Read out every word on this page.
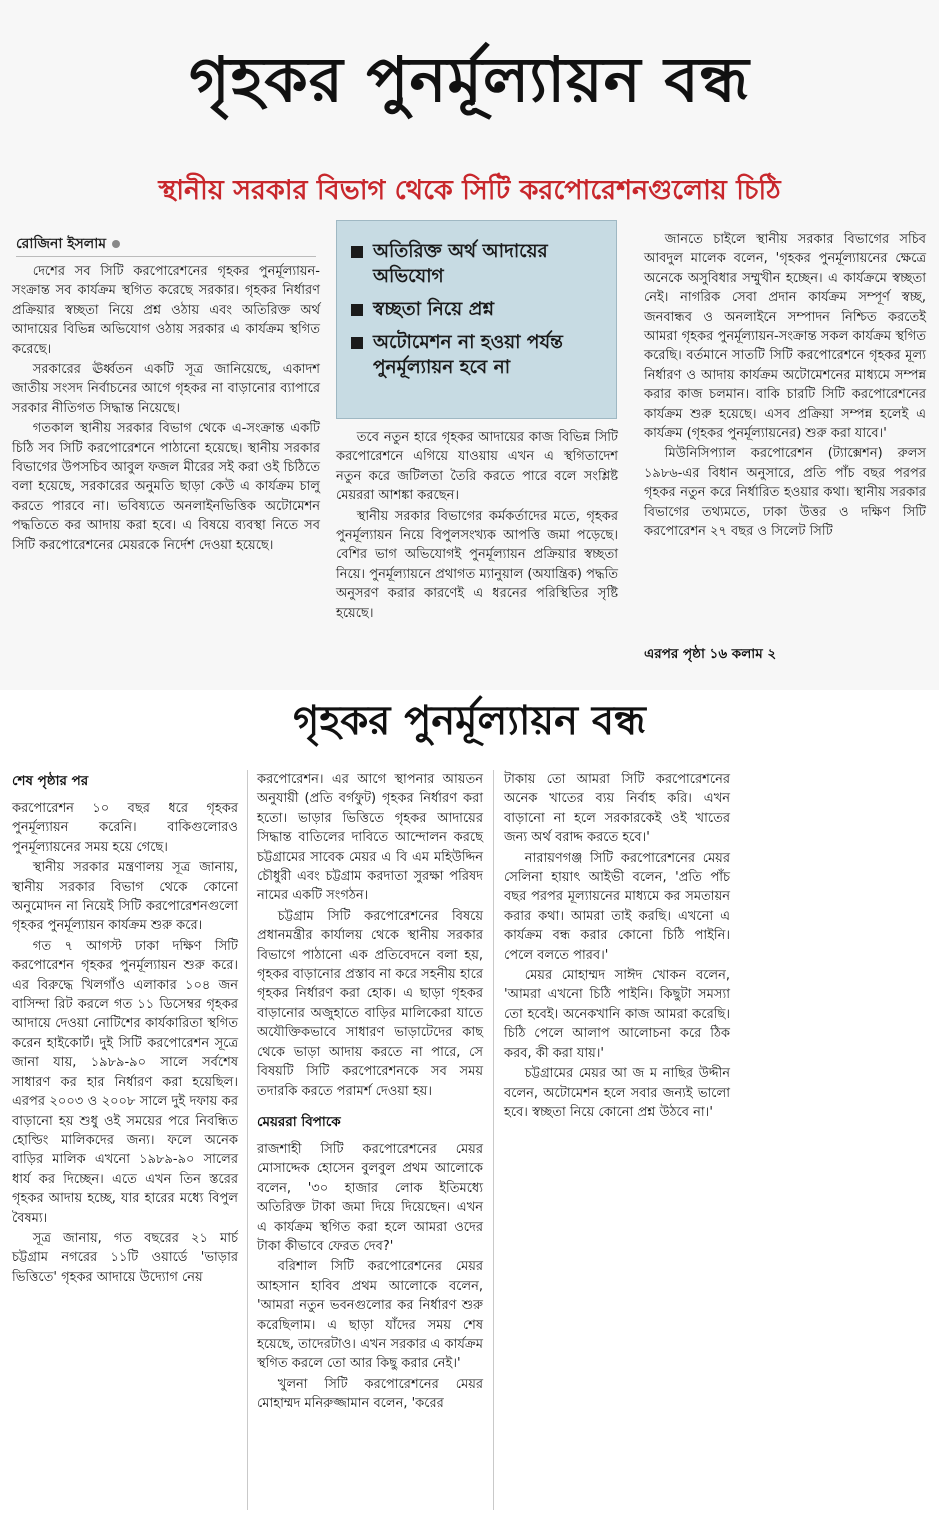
গৃহকর পুনর্মূল্যায়ন বন্ধ
স্থানীয় সরকার বিভাগ থেকে সিটি করপোরেশনগুলোয় চিঠি
রোজিনা ইসলাম

দেশের সব সিটি করপোরেশনের গৃহকর পুনর্মূল্যায়ন-সংক্রান্ত সব কার্যক্রম স্থগিত করেছে সরকার। গৃহকর নির্ধারণ প্রক্রিয়ার স্বচ্ছতা নিয়ে প্রশ্ন ওঠায় এবং অতিরিক্ত অর্থ আদায়ের বিভিন্ন অভিযোগ ওঠায় সরকার এ কার্যক্রম স্থগিত করেছে।

সরকারের ঊর্ধ্বতন একটি সূত্র জানিয়েছে, একাদশ জাতীয় সংসদ নির্বাচনের আগে গৃহকর না বাড়ানোর ব্যাপারে সরকার নীতিগত সিদ্ধান্ত নিয়েছে।

গতকাল স্থানীয় সরকার বিভাগ থেকে এ-সংক্রান্ত একটি চিঠি সব সিটি করপোরেশনে পাঠানো হয়েছে। স্থানীয় সরকার বিভাগের উপসচিব আবুল ফজল মীরের সই করা ওই চিঠিতে বলা হয়েছে, সরকারের অনুমতি ছাড়া কেউ এ কার্যক্রম চালু করতে পারবে না। ভবিষ্যতে অনলাইনভিত্তিক অটোমেশন পদ্ধতিতে কর আদায় করা হবে। এ বিষয়ে ব্যবস্থা নিতে সব সিটি করপোরেশনের মেয়রকে নির্দেশ দেওয়া হয়েছে।

অতিরিক্ত অর্থ আদায়ের অভিযোগ
স্বচ্ছতা নিয়ে প্রশ্ন
অটোমেশন না হওয়া পর্যন্ত পুনর্মূল্যায়ন হবে না

তবে নতুন হারে গৃহকর আদায়ের কাজ বিভিন্ন সিটি করপোরেশনে এগিয়ে যাওয়ায় এখন এ স্থগিতাদেশ নতুন করে জটিলতা তৈরি করতে পারে বলে সংশ্লিষ্ট মেয়ররা আশঙ্কা করছেন।

স্থানীয় সরকার বিভাগের কর্মকর্তাদের মতে, গৃহকর পুনর্মূল্যায়ন নিয়ে বিপুলসংখ্যক আপত্তি জমা পড়েছে। বেশির ভাগ অভিযোগই পুনর্মূল্যায়ন প্রক্রিয়ার স্বচ্ছতা নিয়ে। পুনর্মূল্যায়নে প্রথাগত ম্যানুয়াল (অযান্ত্রিক) পদ্ধতি অনুসরণ করার কারণেই এ ধরনের পরিস্থিতির সৃষ্টি হয়েছে।

জানতে চাইলে স্থানীয় সরকার বিভাগের সচিব আবদুল মালেক বলেন, 'গৃহকর পুনর্মূল্যায়নের ক্ষেত্রে অনেকে অসুবিধার সম্মুখীন হচ্ছেন। এ কার্যক্রমে স্বচ্ছতা নেই। নাগরিক সেবা প্রদান কার্যক্রম সম্পূর্ণ স্বচ্ছ, জনবান্ধব ও অনলাইনে সম্পাদন নিশ্চিত করতেই আমরা গৃহকর পুনর্মূল্যায়ন-সংক্রান্ত সকল কার্যক্রম স্থগিত করেছি। বর্তমানে সাতটি সিটি করপোরেশনে গৃহকর মূল্য নির্ধারণ ও আদায় কার্যক্রম অটোমেশনের মাধ্যমে সম্পন্ন করার কাজ চলমান। বাকি চারটি সিটি করপোরেশনের কার্যক্রম শুরু হয়েছে। এসব প্রক্রিয়া সম্পন্ন হলেই এ কার্যক্রম (গৃহকর পুনর্মূল্যায়নের) শুরু করা যাবে।'

মিউনিসিপ্যাল করপোরেশন (ট্যাক্সেশন) রুলস ১৯৮৬-এর বিধান অনুসারে, প্রতি পাঁচ বছর পরপর গৃহকর নতুন করে নির্ধারিত হওয়ার কথা। স্থানীয় সরকার বিভাগের তথ্যমতে, ঢাকা উত্তর ও দক্ষিণ সিটি করপোরেশন ২৭ বছর ও সিলেট সিটি

এরপর পৃষ্ঠা ১৬ কলাম ২
গৃহকর পুনর্মূল্যায়ন বন্ধ
শেষ পৃষ্ঠার পর

করপোরেশন ১০ বছর ধরে গৃহকর পুনর্মূল্যায়ন করেনি। বাকিগুলোরও পুনর্মূল্যায়নের সময় হয়ে গেছে।

স্থানীয় সরকার মন্ত্রণালয় সূত্র জানায়, স্থানীয় সরকার বিভাগ থেকে কোনো অনুমোদন না নিয়েই সিটি করপোরেশনগুলো গৃহকর পুনর্মূল্যায়ন কার্যক্রম শুরু করে।

গত ৭ আগস্ট ঢাকা দক্ষিণ সিটি করপোরেশন গৃহকর পুনর্মূল্যায়ন শুরু করে। এর বিরুদ্ধে খিলগাঁও এলাকার ১০৪ জন বাসিন্দা রিট করলে গত ১১ ডিসেম্বর গৃহকর আদায়ে দেওয়া নোটিশের কার্যকারিতা স্থগিত করেন হাইকোর্ট। দুই সিটি করপোরেশন সূত্রে জানা যায়, ১৯৮৯-৯০ সালে সর্বশেষ সাধারণ কর হার নির্ধারণ করা হয়েছিল। এরপর ২০০৩ ও ২০০৮ সালে দুই দফায় কর বাড়ানো হয় শুধু ওই সময়ের পরে নিবন্ধিত হোল্ডিং মালিকদের জন্য। ফলে অনেক বাড়ির মালিক এখনো ১৯৮৯-৯০ সালের ধার্য কর দিচ্ছেন। এতে এখন তিন স্তরের গৃহকর আদায় হচ্ছে, যার হারের মধ্যে বিপুল বৈষম্য।

সূত্র জানায়, গত বছরের ২১ মার্চ চট্টগ্রাম নগরের ১১টি ওয়ার্ডে 'ভাড়ার ভিত্তিতে' গৃহকর আদায়ে উদ্যোগ নেয়

করপোরেশন। এর আগে স্থাপনার আয়তন অনুযায়ী (প্রতি বর্গফুট) গৃহকর নির্ধারণ করা হতো। ভাড়ার ভিত্তিতে গৃহকর আদায়ের সিদ্ধান্ত বাতিলের দাবিতে আন্দোলন করছে চট্টগ্রামের সাবেক মেয়র এ বি এম মহিউদ্দিন চৌধুরী এবং চট্টগ্রাম করদাতা সুরক্ষা পরিষদ নামের একটি সংগঠন।

চট্টগ্রাম সিটি করপোরেশনের বিষয়ে প্রধানমন্ত্রীর কার্যালয় থেকে স্থানীয় সরকার বিভাগে পাঠানো এক প্রতিবেদনে বলা হয়, গৃহকর বাড়ানোর প্রস্তাব না করে সহনীয় হারে গৃহকর নির্ধারণ করা হোক। এ ছাড়া গৃহকর বাড়ানোর অজুহাতে বাড়ির মালিকেরা যাতে অযৌক্তিকভাবে সাধারণ ভাড়াটেদের কাছ থেকে ভাড়া আদায় করতে না পারে, সে বিষয়টি সিটি করপোরেশনকে সব সময় তদারকি করতে পরামর্শ দেওয়া হয়।

মেয়ররা বিপাকে

রাজশাহী সিটি করপোরেশনের মেয়র মোসাদ্দেক হোসেন বুলবুল প্রথম আলোকে বলেন, '৩০ হাজার লোক ইতিমধ্যে অতিরিক্ত টাকা জমা দিয়ে দিয়েছেন। এখন এ কার্যক্রম স্থগিত করা হলে আমরা ওদের টাকা কীভাবে ফেরত দেব?'

বরিশাল সিটি করপোরেশনের মেয়র আহসান হাবিব প্রথম আলোকে বলেন, 'আমরা নতুন ভবনগুলোর কর নির্ধারণ শুরু করেছিলাম। এ ছাড়া যাঁদের সময় শেষ হয়েছে, তাদেরটাও। এখন সরকার এ কার্যক্রম স্থগিত করলে তো আর কিছু করার নেই।'

খুলনা সিটি করপোরেশনের মেয়র মোহাম্মদ মনিরুজ্জামান বলেন, 'করের

টাকায় তো আমরা সিটি করপোরেশনের অনেক খাতের ব্যয় নির্বাহ করি। এখন বাড়ানো না হলে সরকারকেই ওই খাতের জন্য অর্থ বরাদ্দ করতে হবে।'

নারায়ণগঞ্জ সিটি করপোরেশনের মেয়র সেলিনা হায়াৎ আইভী বলেন, 'প্রতি পাঁচ বছর পরপর মূল্যায়নের মাধ্যমে কর সমতায়ন করার কথা। আমরা তাই করছি। এখনো এ কার্যক্রম বন্ধ করার কোনো চিঠি পাইনি। পেলে বলতে পারব।'

মেয়র মোহাম্মদ সাঈদ খোকন বলেন, 'আমরা এখনো চিঠি পাইনি। কিছুটা সমস্যা তো হবেই। অনেকখানি কাজ আমরা করেছি। চিঠি পেলে আলাপ আলোচনা করে ঠিক করব, কী করা যায়।'

চট্টগ্রামের মেয়র আ জ ম নাছির উদ্দীন বলেন, অটোমেশন হলে সবার জন্যই ভালো হবে। স্বচ্ছতা নিয়ে কোনো প্রশ্ন উঠবে না।'
